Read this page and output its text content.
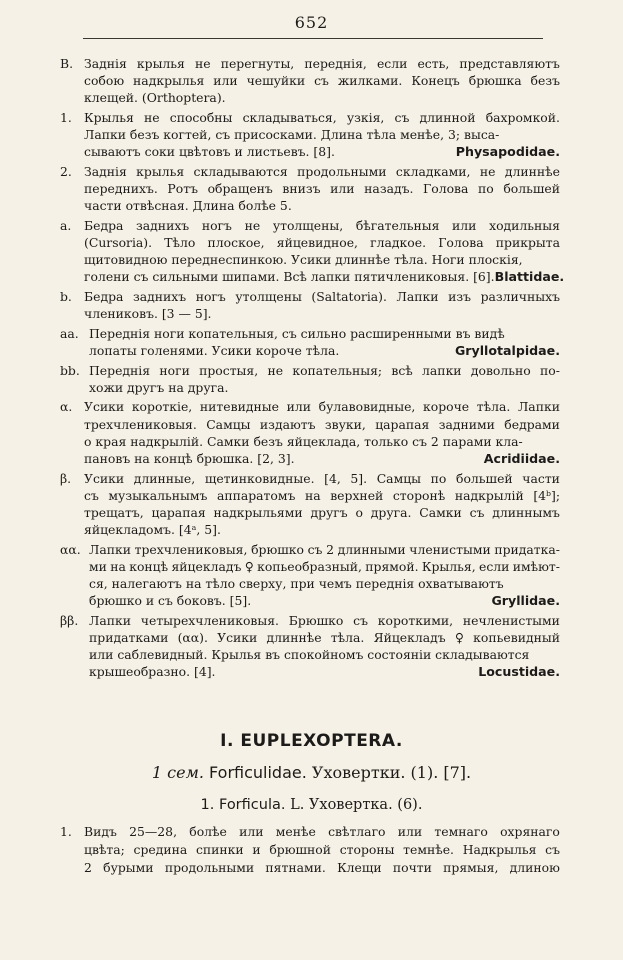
652
B. Заднія крылья не перегнуты, переднія, если есть, представляютъ
собою надкрылья или чешуйки съ жилками. Конецъ брюшка безъ
клещей. (Orthoptera).
1. Крылья не способны складываться, узкія, съ длинной бахромкой.
Лапки безъ когтей, съ присосками. Длина тѣла менѣе, 3; выса-
сываютъ соки цвѣтовъ и листьевъ. [8].	Physapodidae.
2. Заднія крылья складываются продольными складками, не длиннѣе
переднихъ. Ротъ обращенъ внизъ или назадъ. Голова по большей
части отвѣсная. Длина болѣе 5.
a. Бедра заднихъ ногъ не утолщены, бѣгательныя или ходильныя
(Cursoria). Тѣло плоское, яйцевидное, гладкое. Голова прикрыта
щитовидною переднеспинкою. Усики длиннѣе тѣла. Ноги плоскія,
голени съ сильными шипами. Всѣ лапки пятичлениковыя. [6]. Blattidae.
b. Бедра заднихъ ногъ утолщены (Saltatoria). Лапки изъ различныхъ
члениковъ. [3 — 5].
aa. Переднія ноги копательныя, съ сильно расширенными въ видѣ
лопаты голенями. Усики короче тѣла.	Gryllotalpidae.
bb. Переднія ноги простыя, не копательныя; всѣ лапки довольно по-
хожи другъ на друга.
α. Усики короткіе, нитевидные или булавовидные, короче тѣла. Лапки
трехчлениковыя. Самцы издаютъ звуки, царапая задними бедрами
о края надкрылій. Самки безъ яйцеклада, только съ 2 парами кла-
пановъ на концѣ брюшка. [2, 3].	Acridiidae.
β. Усики длинные, щетинковидные. [4, 5]. Самцы по большей части
съ музыкальнымъ аппаратомъ на верхней сторонѣ надкрылій [4ᵇ];
трещатъ, царапая надкрыльями другъ о друга. Самки съ длиннымъ
яйцекладомъ. [4ᵃ, 5].
αα. Лапки трехчлениковыя, брюшко съ 2 длинными членистыми придатка-
ми на концѣ яйцекладъ ♀ копьеобразный, прямой. Крылья, если имѣют-
ся, налегаютъ на тѣло сверху, при чемъ переднія охватываютъ
брюшко и съ боковъ. [5].	Gryllidae.
ββ. Лапки четырехчлениковыя. Брюшко съ короткими, нечленистыми
придатками (αα). Усики длиннѣе тѣла. Яйцекладъ ♀ копьевидный
или саблевидный. Крылья въ спокойномъ состояніи складываются
крышеобразно. [4].	Locustidae.
I. EUPLEXOPTERA.
1 сем. Forficulidae. Уховертки. (1). [7].
1. Forficula. L. Уховертка. (6).
1. Видъ 25—28, болѣе или менѣе свѣтлаго или темнаго охрянаго
цвѣта; средина спинки и брюшной стороны темнѣе. Надкрылья съ
2 бурыми продольными пятнами. Клещи почти прямыя, длиною
